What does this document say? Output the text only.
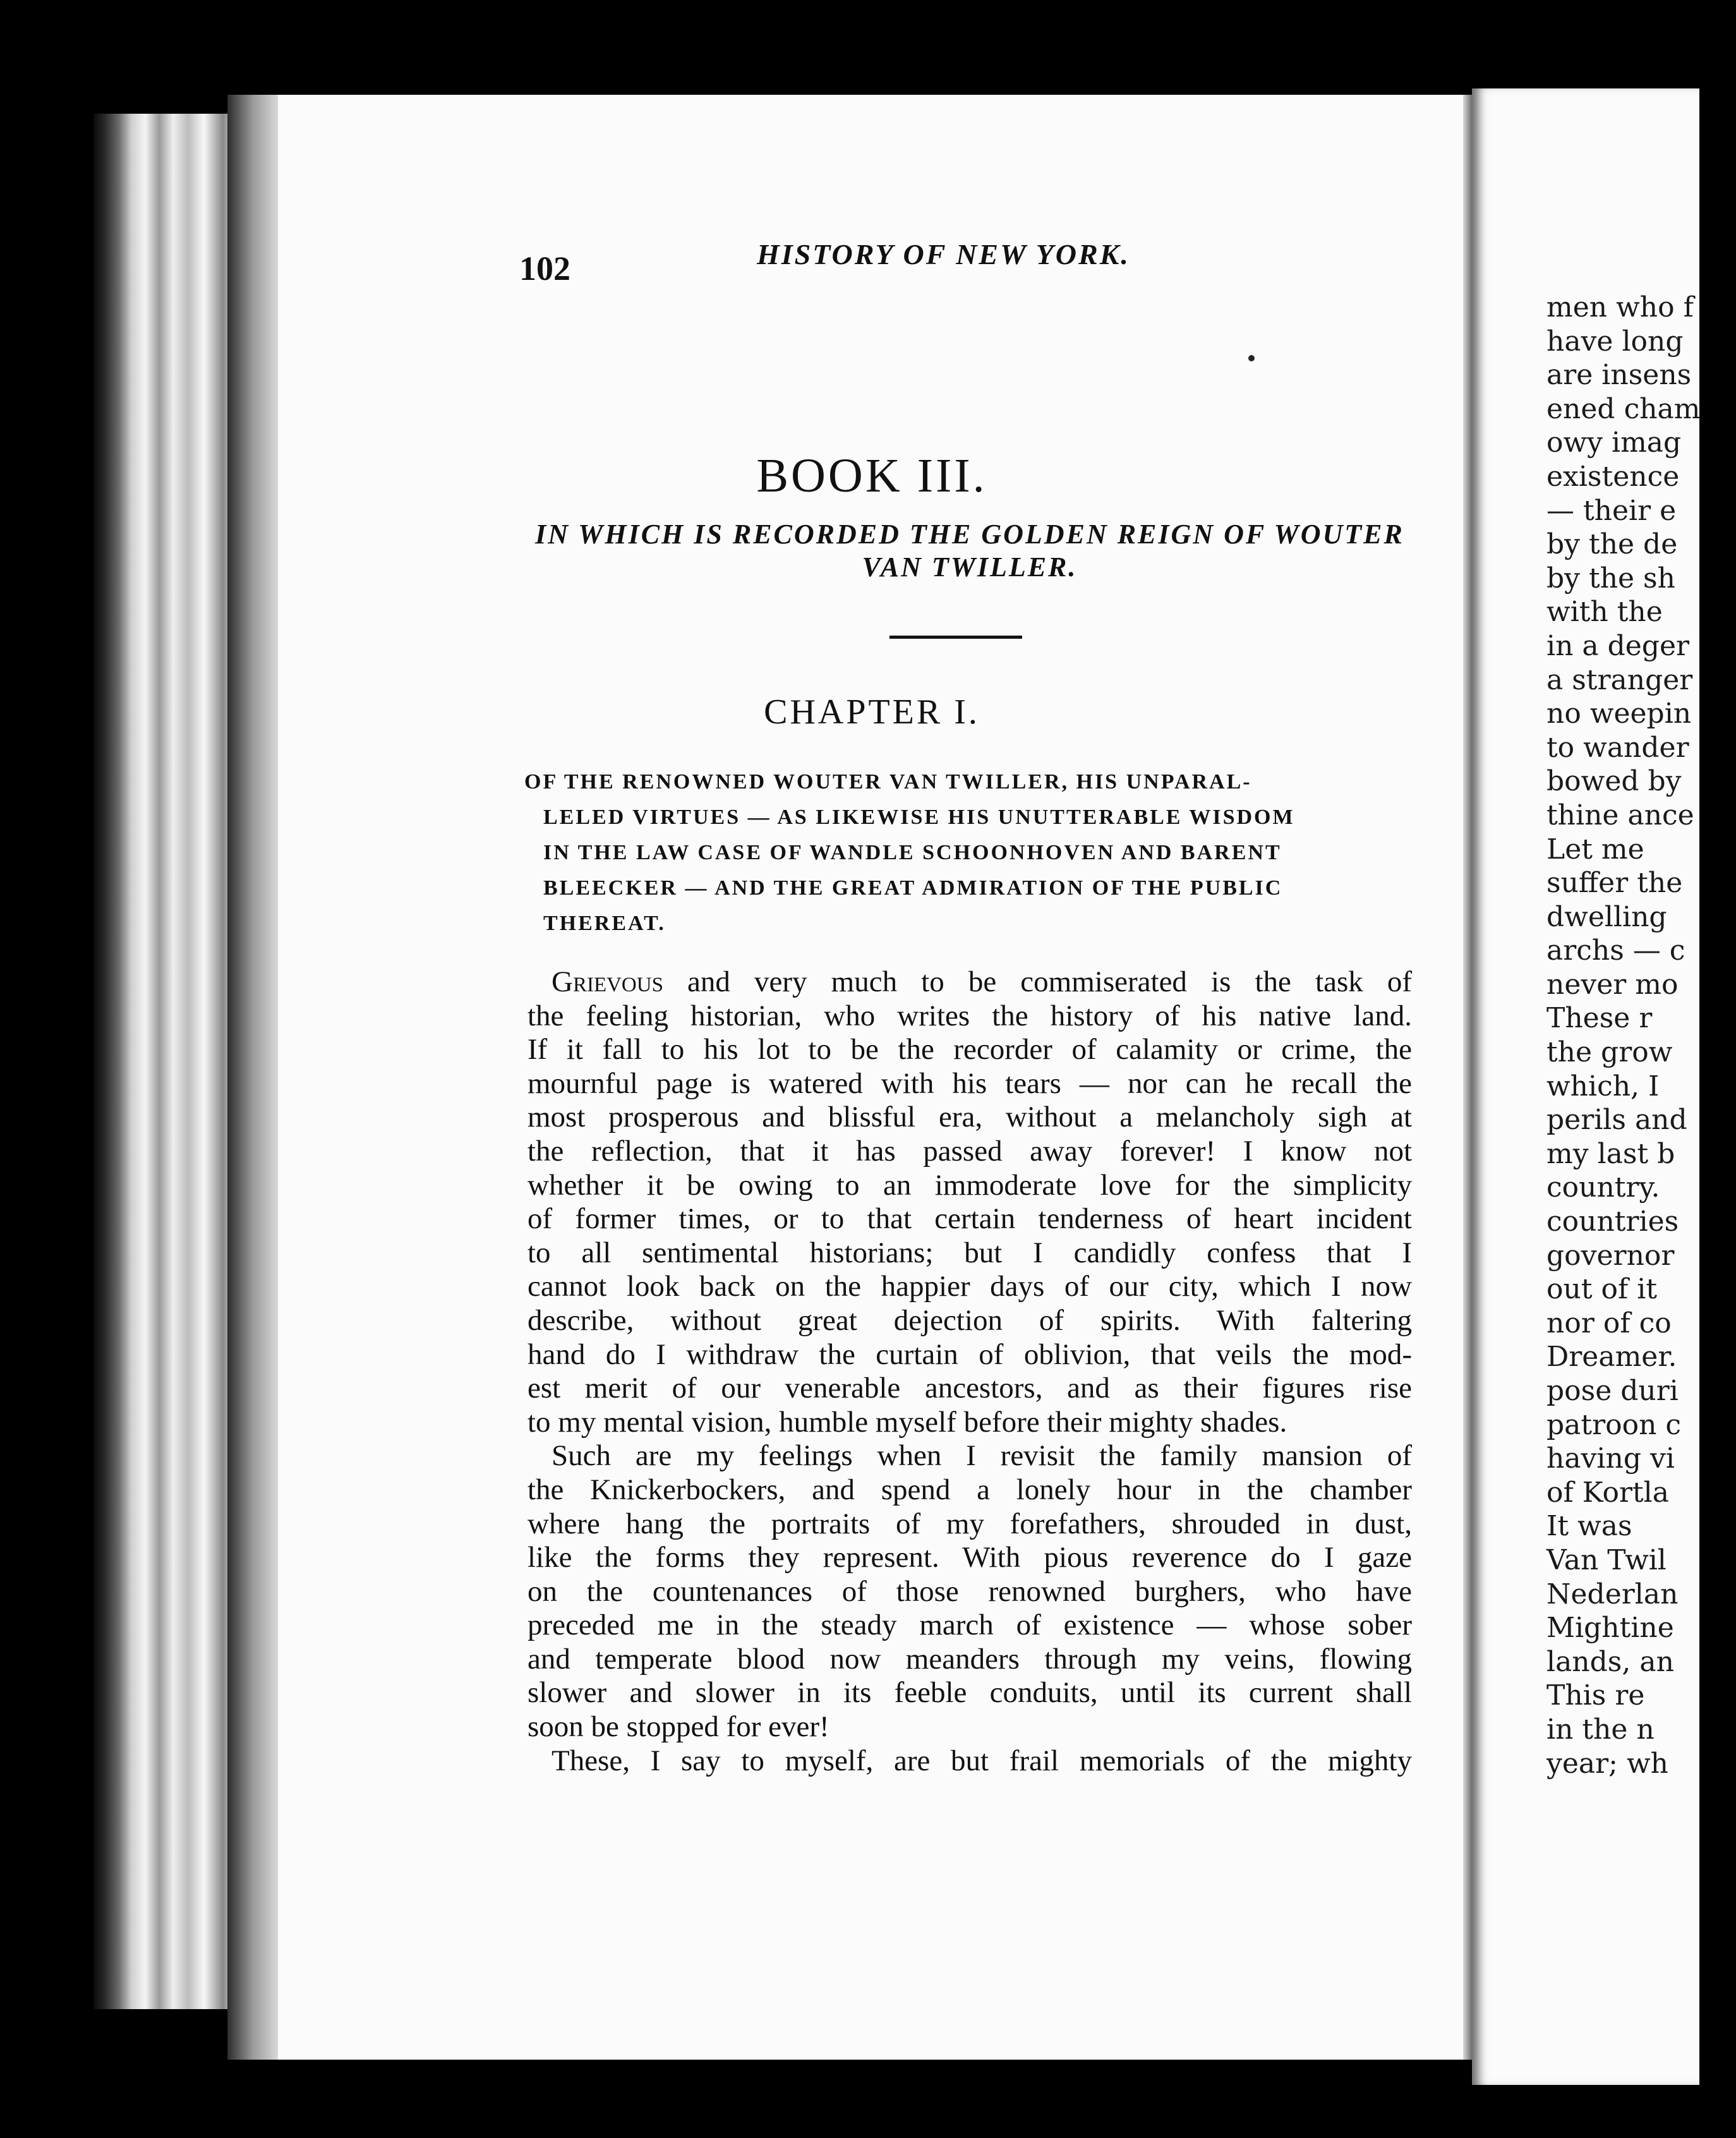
102	HISTORY OF NEW YORK.
BOOK III.
IN WHICH IS RECORDED THE GOLDEN REIGN OF WOUTER
VAN TWILLER.
CHAPTER I.
OF THE RENOWNED WOUTER VAN TWILLER, HIS UNPARAL-
LELED VIRTUES — AS LIKEWISE HIS UNUTTERABLE WISDOM
IN THE LAW CASE OF WANDLE SCHOONHOVEN AND BARENT
BLEECKER — AND THE GREAT ADMIRATION OF THE PUBLIC
THEREAT.
Grievous and very much to be commiserated is the task of
the feeling historian, who writes the history of his native land.
If it fall to his lot to be the recorder of calamity or crime, the
mournful page is watered with his tears — nor can he recall the
most prosperous and blissful era, without a melancholy sigh at
the reflection, that it has passed away forever! I know not
whether it be owing to an immoderate love for the simplicity
of former times, or to that certain tenderness of heart incident
to all sentimental historians; but I candidly confess that I
cannot look back on the happier days of our city, which I now
describe, without great dejection of spirits. With faltering
hand do I withdraw the curtain of oblivion, that veils the mod-
est merit of our venerable ancestors, and as their figures rise
to my mental vision, humble myself before their mighty shades.
Such are my feelings when I revisit the family mansion of
the Knickerbockers, and spend a lonely hour in the chamber
where hang the portraits of my forefathers, shrouded in dust,
like the forms they represent. With pious reverence do I gaze
on the countenances of those renowned burghers, who have
preceded me in the steady march of existence — whose sober
and temperate blood now meanders through my veins, flowing
slower and slower in its feeble conduits, until its current shall
soon be stopped for ever!
These, I say to myself, are but frail memorials of the mighty
men who f
have long
are insens
ened cham
owy imag
existence
— their e
by the de
by the sh
with the
in a deger
a stranger
no weepin
to wander
bowed by
thine ance
Let me
suffer the
dwelling
archs — c
never mo
These r
the grow
which, I
perils and
my last b
country.
countries
governor
out of it
nor of co
Dreamer.
pose duri
patroon c
having vi
of Kortla
It was
Van Twil
Nederlan
Mightine
lands, an
This re
in the n
year; wh
